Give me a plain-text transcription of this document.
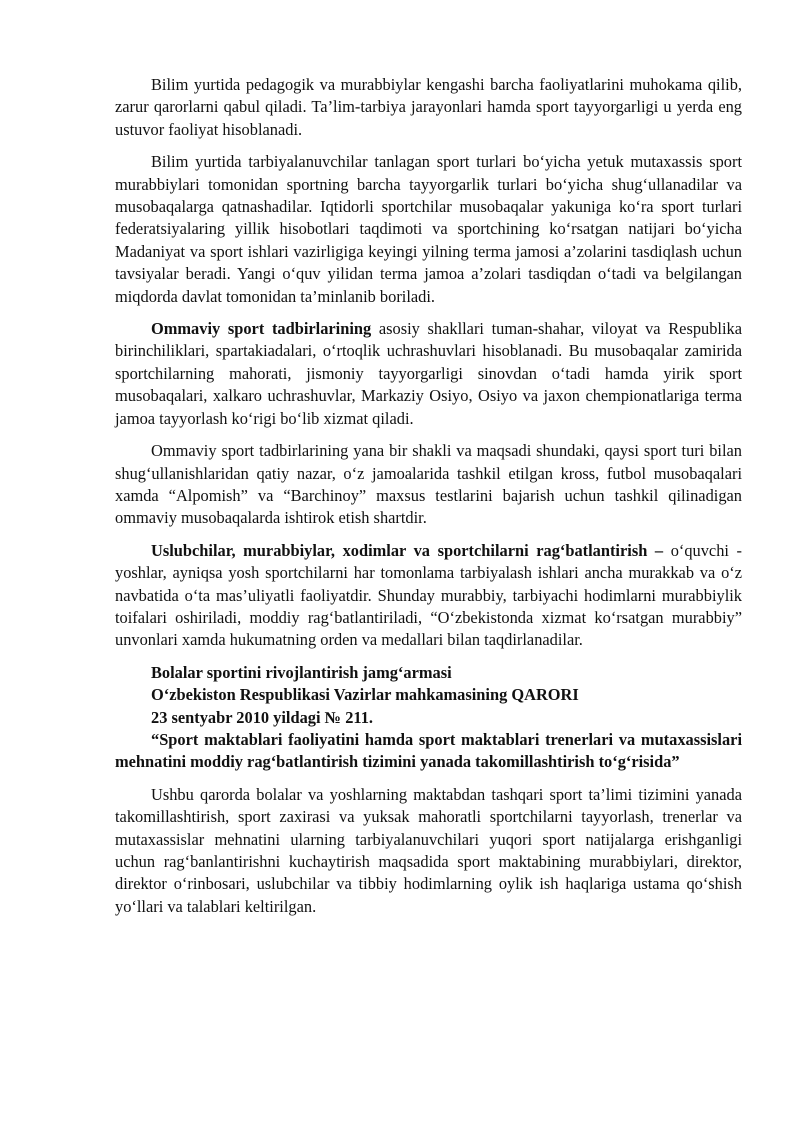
Bilim yurtida pedagogik va murabbiylar kengashi barcha faoliyatlarini muhokama qilib, zarur qarorlarni qabul qiladi. Ta’lim-tarbiya jarayonlari hamda sport tayyorgarligi u yerda eng ustuvor faoliyat hisoblanadi.

Bilim yurtida tarbiyalanuvchilar tanlagan sport turlari bo‘yicha yetuk mutaxassis sport murabbiylari tomonidan sportning barcha tayyorgarlik turlari bo‘yicha shug‘ullanadilar va musobaqalarga qatnashadilar. Iqtidorli sportchilar musobaqalar yakuniga ko‘ra sport turlari federatsiyalaring yillik hisobotlari taqdimoti va sportchining ko‘rsatgan natijari bo‘yicha Madaniyat va sport ishlari vazirligiga keyingi yilning terma jamosi a’zolarini tasdiqlash uchun tavsiyalar beradi. Yangi o‘quv yilidan terma jamoa a’zolari tasdiqdan o‘tadi va belgilangan miqdorda davlat tomonidan ta’minlanib boriladi.

Ommaviy sport tadbirlarining asosiy shakllari tuman-shahar, viloyat va Respublika birinchiliklari, spartakiadalari, o‘rtoqlik uchrashuvlari hisoblanadi. Bu musobaqalar zamirida sportchilarning mahorati, jismoniy tayyorgarligi sinovdan o‘tadi hamda yirik sport musobaqalari, xalkaro uchrashuvlar, Markaziy Osiyo, Osiyo va jaxon chempionatlariga terma jamoa tayyorlash ko‘rigi bo‘lib xizmat qiladi.

Ommaviy sport tadbirlarining yana bir shakli va maqsadi shundaki, qaysi sport turi bilan shug‘ullanishlaridan qatiy nazar, o‘z jamoalarida tashkil etilgan kross, futbol musobaqalari xamda “Alpomish” va “Barchinoy” maxsus testlarini bajarish uchun tashkil qilinadigan ommaviy musobaqalarda ishtirok etish shartdir.

Uslubchilar, murabbiylar, xodimlar va sportchilarni rag‘batlantirish – o‘quvchi - yoshlar, ayniqsa yosh sportchilarni har tomonlama tarbiyalash ishlari ancha murakkab va o‘z navbatida o‘ta mas’uliyatli faoliyatdir. Shunday murabbiy, tarbiyachi hodimlarni murabbiylik toifalari oshiriladi, moddiy rag‘batlantiriladi, “O‘zbekistonda xizmat ko‘rsatgan murabbiy” unvonlari xamda hukumatning orden va medallari bilan taqdirlanadilar.

Bolalar sportini rivojlantirish jamg‘armasi

O‘zbekiston Respublikasi Vazirlar mahkamasining QARORI

23 sentyabr 2010 yildagi № 211.

“Sport maktablari faoliyatini hamda sport maktablari trenerlari va mutaxassislari mehnatini moddiy rag‘batlantirish tizimini yanada takomillashtirish to‘g‘risida”

Ushbu qarorda bolalar va yoshlarning maktabdan tashqari sport ta’limi tizimini yanada takomillashtirish, sport zaxirasi va yuksak mahoratli sportchilarni tayyorlash, trenerlar va mutaxassislar mehnatini ularning tarbiyalanuvchilari yuqori sport natijalarga erishganligi uchun rag‘banlantirishni kuchaytirish maqsadida sport maktabining murabbiylari, direktor, direktor o‘rinbosari, uslubchilar va tibbiy hodimlarning oylik ish haqlariga ustama qo‘shish yo‘llari va talablari keltirilgan.
